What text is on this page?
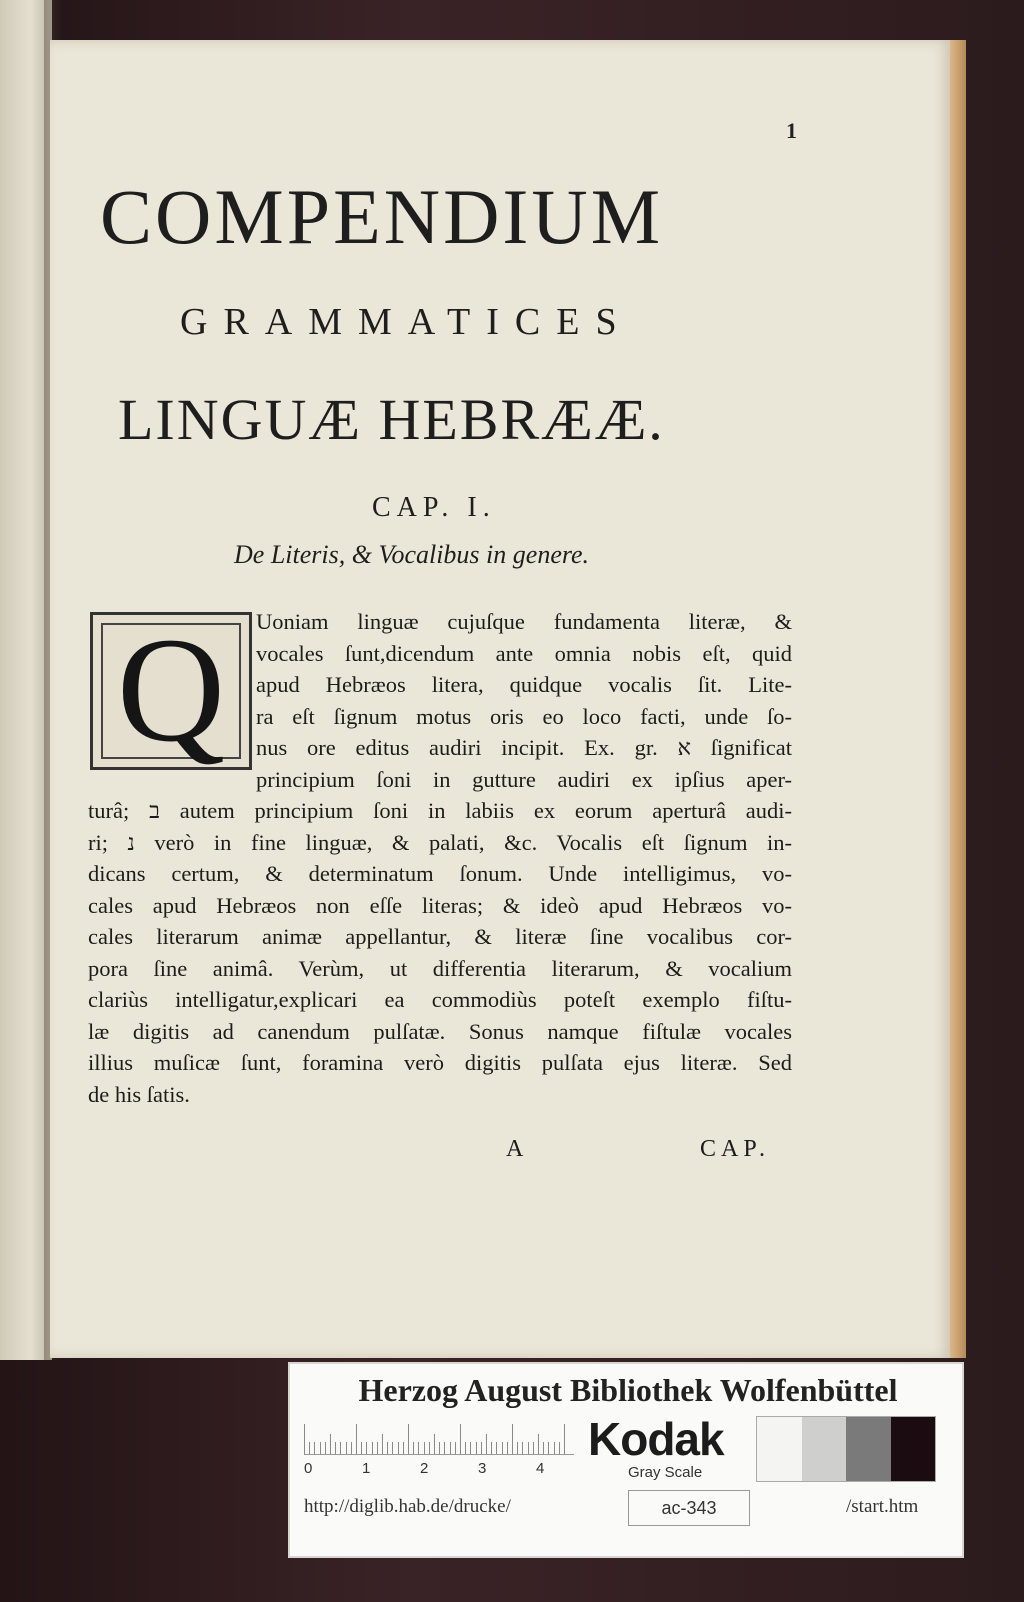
1
COMPENDIUM
GRAMMATICES
LINGUÆ HEBRÆÆ.
CAP. I.
De Literis, & Vocalibus in genere.
Q	Uoniam linguæ cujuſque fundamenta literæ, &
vocales ſunt,dicendum ante omnia nobis eſt, quid
apud Hebræos litera, quidque vocalis ſit. Lite-
ra eſt ſignum motus oris eo loco facti, unde ſo-
nus ore editus audiri incipit. Ex. gr. א ſignificat
principium ſoni in gutture audiri ex ipſius aper-
turâ; ב autem principium ſoni in labiis ex eorum aperturâ audi-
ri; נ verò in fine linguæ, & palati, &c. Vocalis eſt ſignum in-
dicans certum, & determinatum ſonum. Unde intelligimus, vo-
cales apud Hebræos non eſſe literas; & ideò apud Hebræos vo-
cales literarum animæ appellantur, & literæ ſine vocalibus cor-
pora ſine animâ. Verùm, ut differentia literarum, & vocalium
clariùs intelligatur,explicari ea commodiùs poteſt exemplo fiſtu-
læ digitis ad canendum pulſatæ. Sonus namque fiſtulæ vocales
illius muſicæ ſunt, foramina verò digitis pulſata ejus literæ. Sed
de his ſatis.
A	CAP.
Herzog August Bibliothek Wolfenbüttel
0	1	2	3	4
Kodak
Gray Scale
http://diglib.hab.de/drucke/	ac-343	/start.htm
